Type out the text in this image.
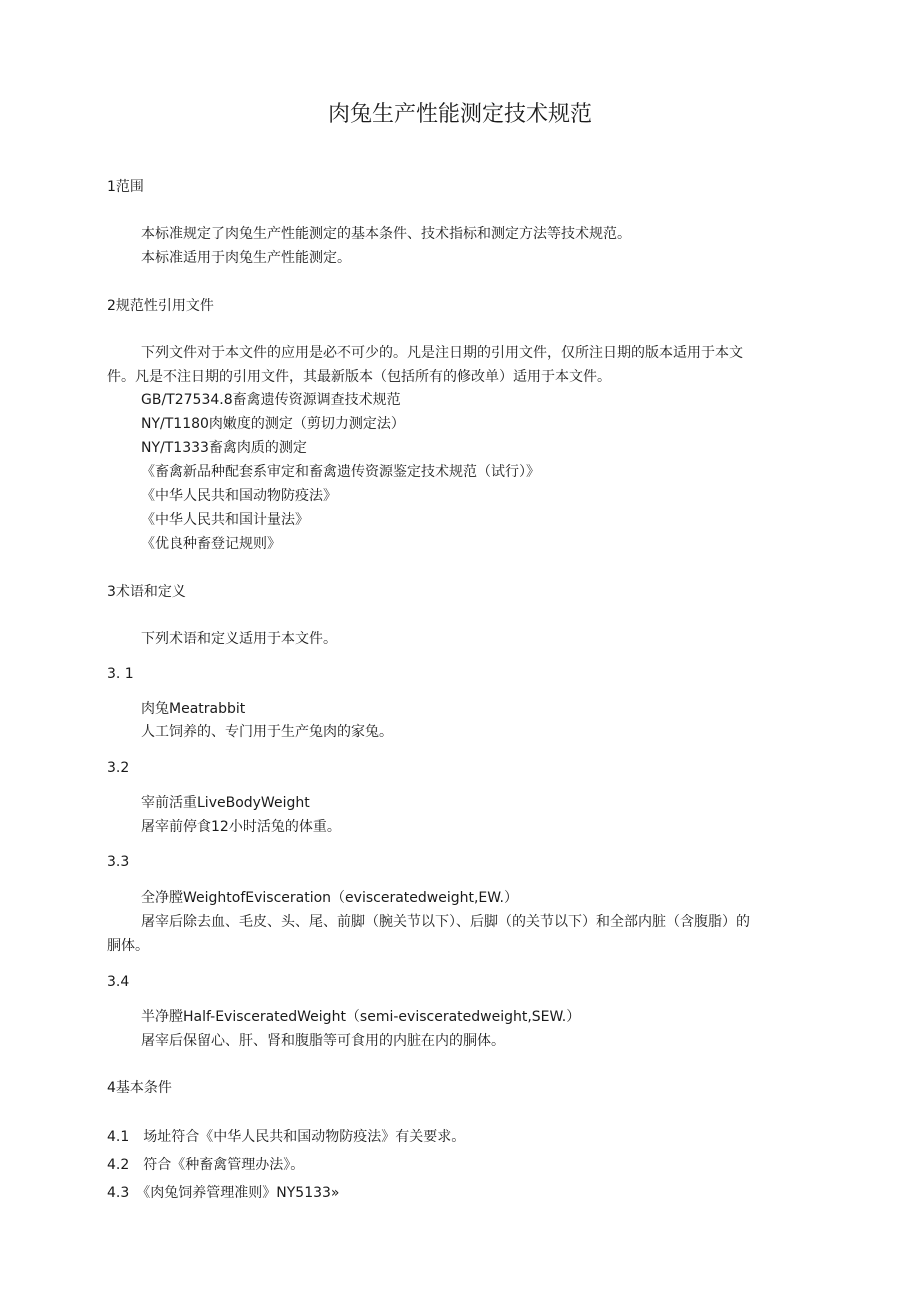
肉兔生产性能测定技术规范
1范围
本标准规定了肉兔生产性能测定的基本条件、技术指标和测定方法等技术规范。
本标准适用于肉兔生产性能测定。
2规范性引用文件
下列文件对于本文件的应用是必不可少的。凡是注日期的引用文件，仅所注日期的版本适用于本文
件。凡是不注日期的引用文件，其最新版本（包括所有的修改单）适用于本文件。
GB/T27534.8畜禽遗传资源调查技术规范
NY/T1180肉嫩度的测定（剪切力测定法）
NY/T1333畜禽肉质的测定
《畜禽新品种配套系审定和畜禽遗传资源鉴定技术规范（试行）》
《中华人民共和国动物防疫法》
《中华人民共和国计量法》
《优良种畜登记规则》
3术语和定义
下列术语和定义适用于本文件。
3. 1
肉兔Meatrabbit
人工饲养的、专门用于生产兔肉的家兔。
3.2
宰前活重LiveBodyWeight
屠宰前停食12小时活兔的体重。
3.3
全净膛WeightofEvisceration（evisceratedweight,EW.）
屠宰后除去血、毛皮、头、尾、前脚（腕关节以下）、后脚（的关节以下）和全部内脏（含腹脂）的
胴体。
3.4
半净膛Half-EvisceratedWeight（semi-evisceratedweight,SEW.）
屠宰后保留心、肝、肾和腹脂等可食用的内脏在内的胴体。
4基本条件
4.1　场址符合《中华人民共和国动物防疫法》有关要求。
4.2　符合《种畜禽管理办法》。
4.3　《肉兔饲养管理准则》NY5133»
